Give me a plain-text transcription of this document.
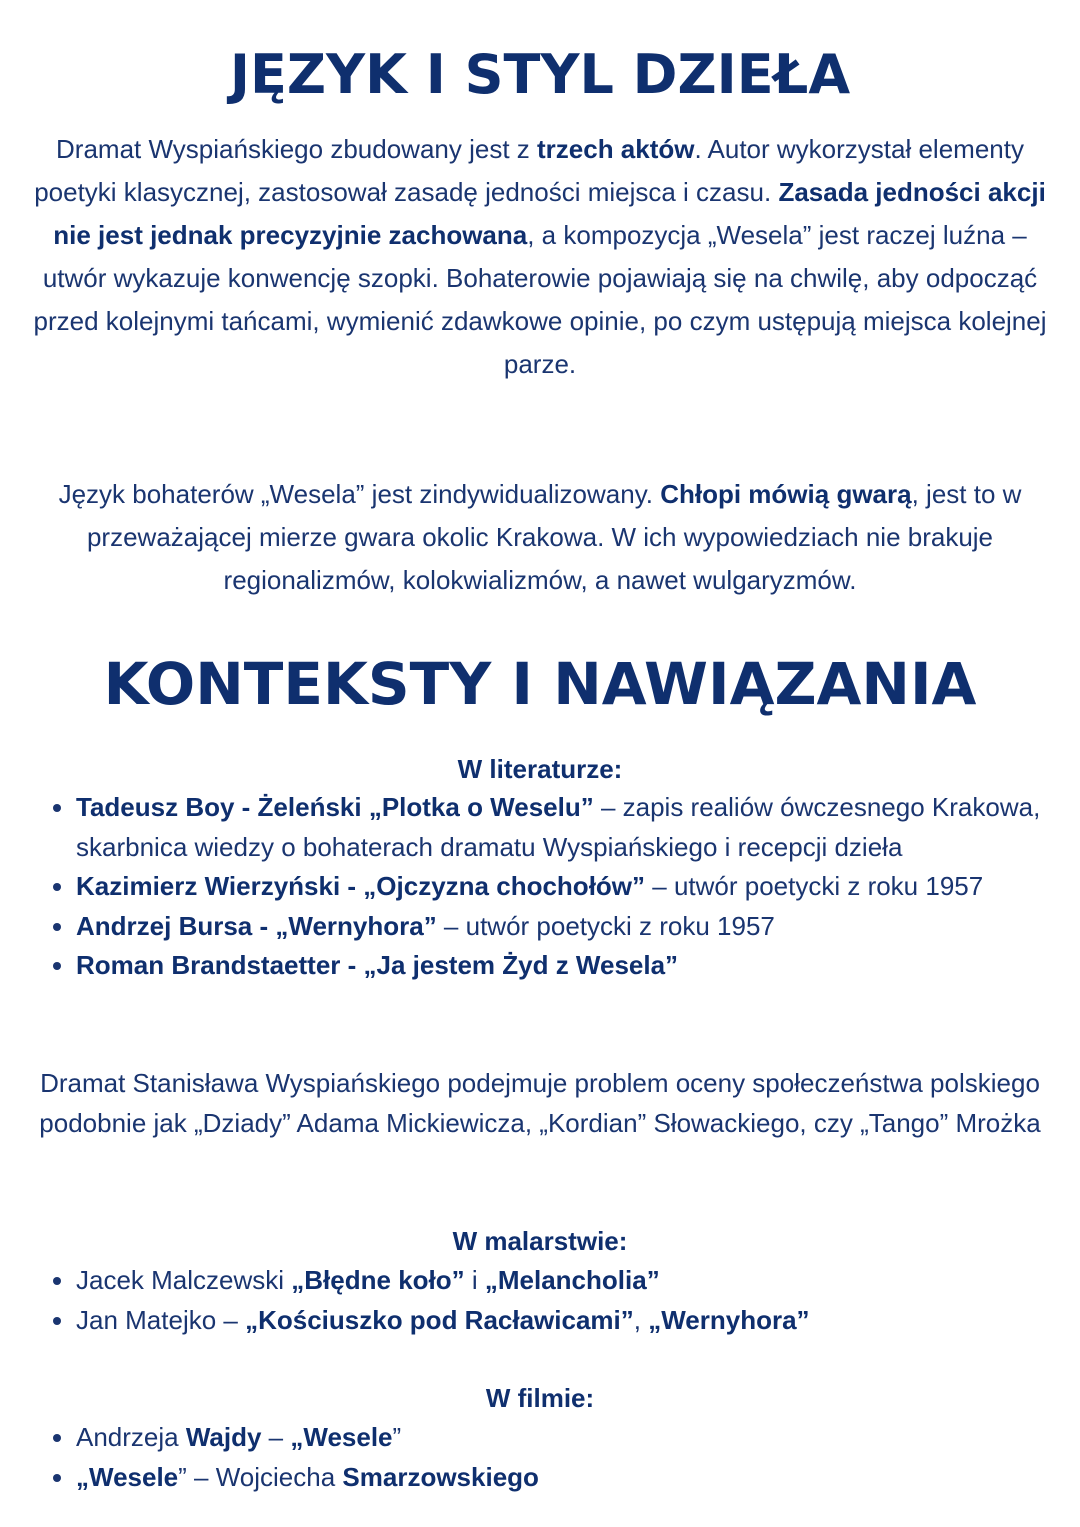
JĘZYK I STYL DZIEŁA
Dramat Wyspiańskiego zbudowany jest z trzech aktów. Autor wykorzystał elementy poetyki klasycznej, zastosował zasadę jedności miejsca i czasu. Zasada jedności akcji nie jest jednak precyzyjnie zachowana, a kompozycja „Wesela” jest raczej luźna – utwór wykazuje konwencję szopki. Bohaterowie pojawiają się na chwilę, aby odpocząć przed kolejnymi tańcami, wymienić zdawkowe opinie, po czym ustępują miejsca kolejnej parze.
Język bohaterów „Wesela” jest zindywidualizowany. Chłopi mówią gwarą, jest to w przeważającej mierze gwara okolic Krakowa. W ich wypowiedziach nie brakuje regionalizmów, kolokwializmów, a nawet wulgaryzmów.
KONTEKSTY I NAWIĄZANIA
W literaturze:
• Tadeusz Boy - Żeleński „Plotka o Weselu” – zapis realiów ówczesnego Krakowa, skarbnica wiedzy o bohaterach dramatu Wyspiańskiego i recepcji dzieła
• Kazimierz Wierzyński - „Ojczyzna chochołów” – utwór poetycki z roku 1957
• Andrzej Bursa - „Wernyhora” – utwór poetycki z roku 1957
• Roman Brandstaetter - „Ja jestem Żyd z Wesela”
Dramat Stanisława Wyspiańskiego podejmuje problem oceny społeczeństwa polskiego podobnie jak „Dziady” Adama Mickiewicza, „Kordian” Słowackiego, czy „Tango” Mrożka
W malarstwie:
• Jacek Malczewski „Błędne koło” i „Melancholia”
• Jan Matejko – „Kościuszko pod Racławicami”, „Wernyhora”
W filmie:
• Andrzeja Wajdy – „Wesele”
• „Wesele” – Wojciecha Smarzowskiego
